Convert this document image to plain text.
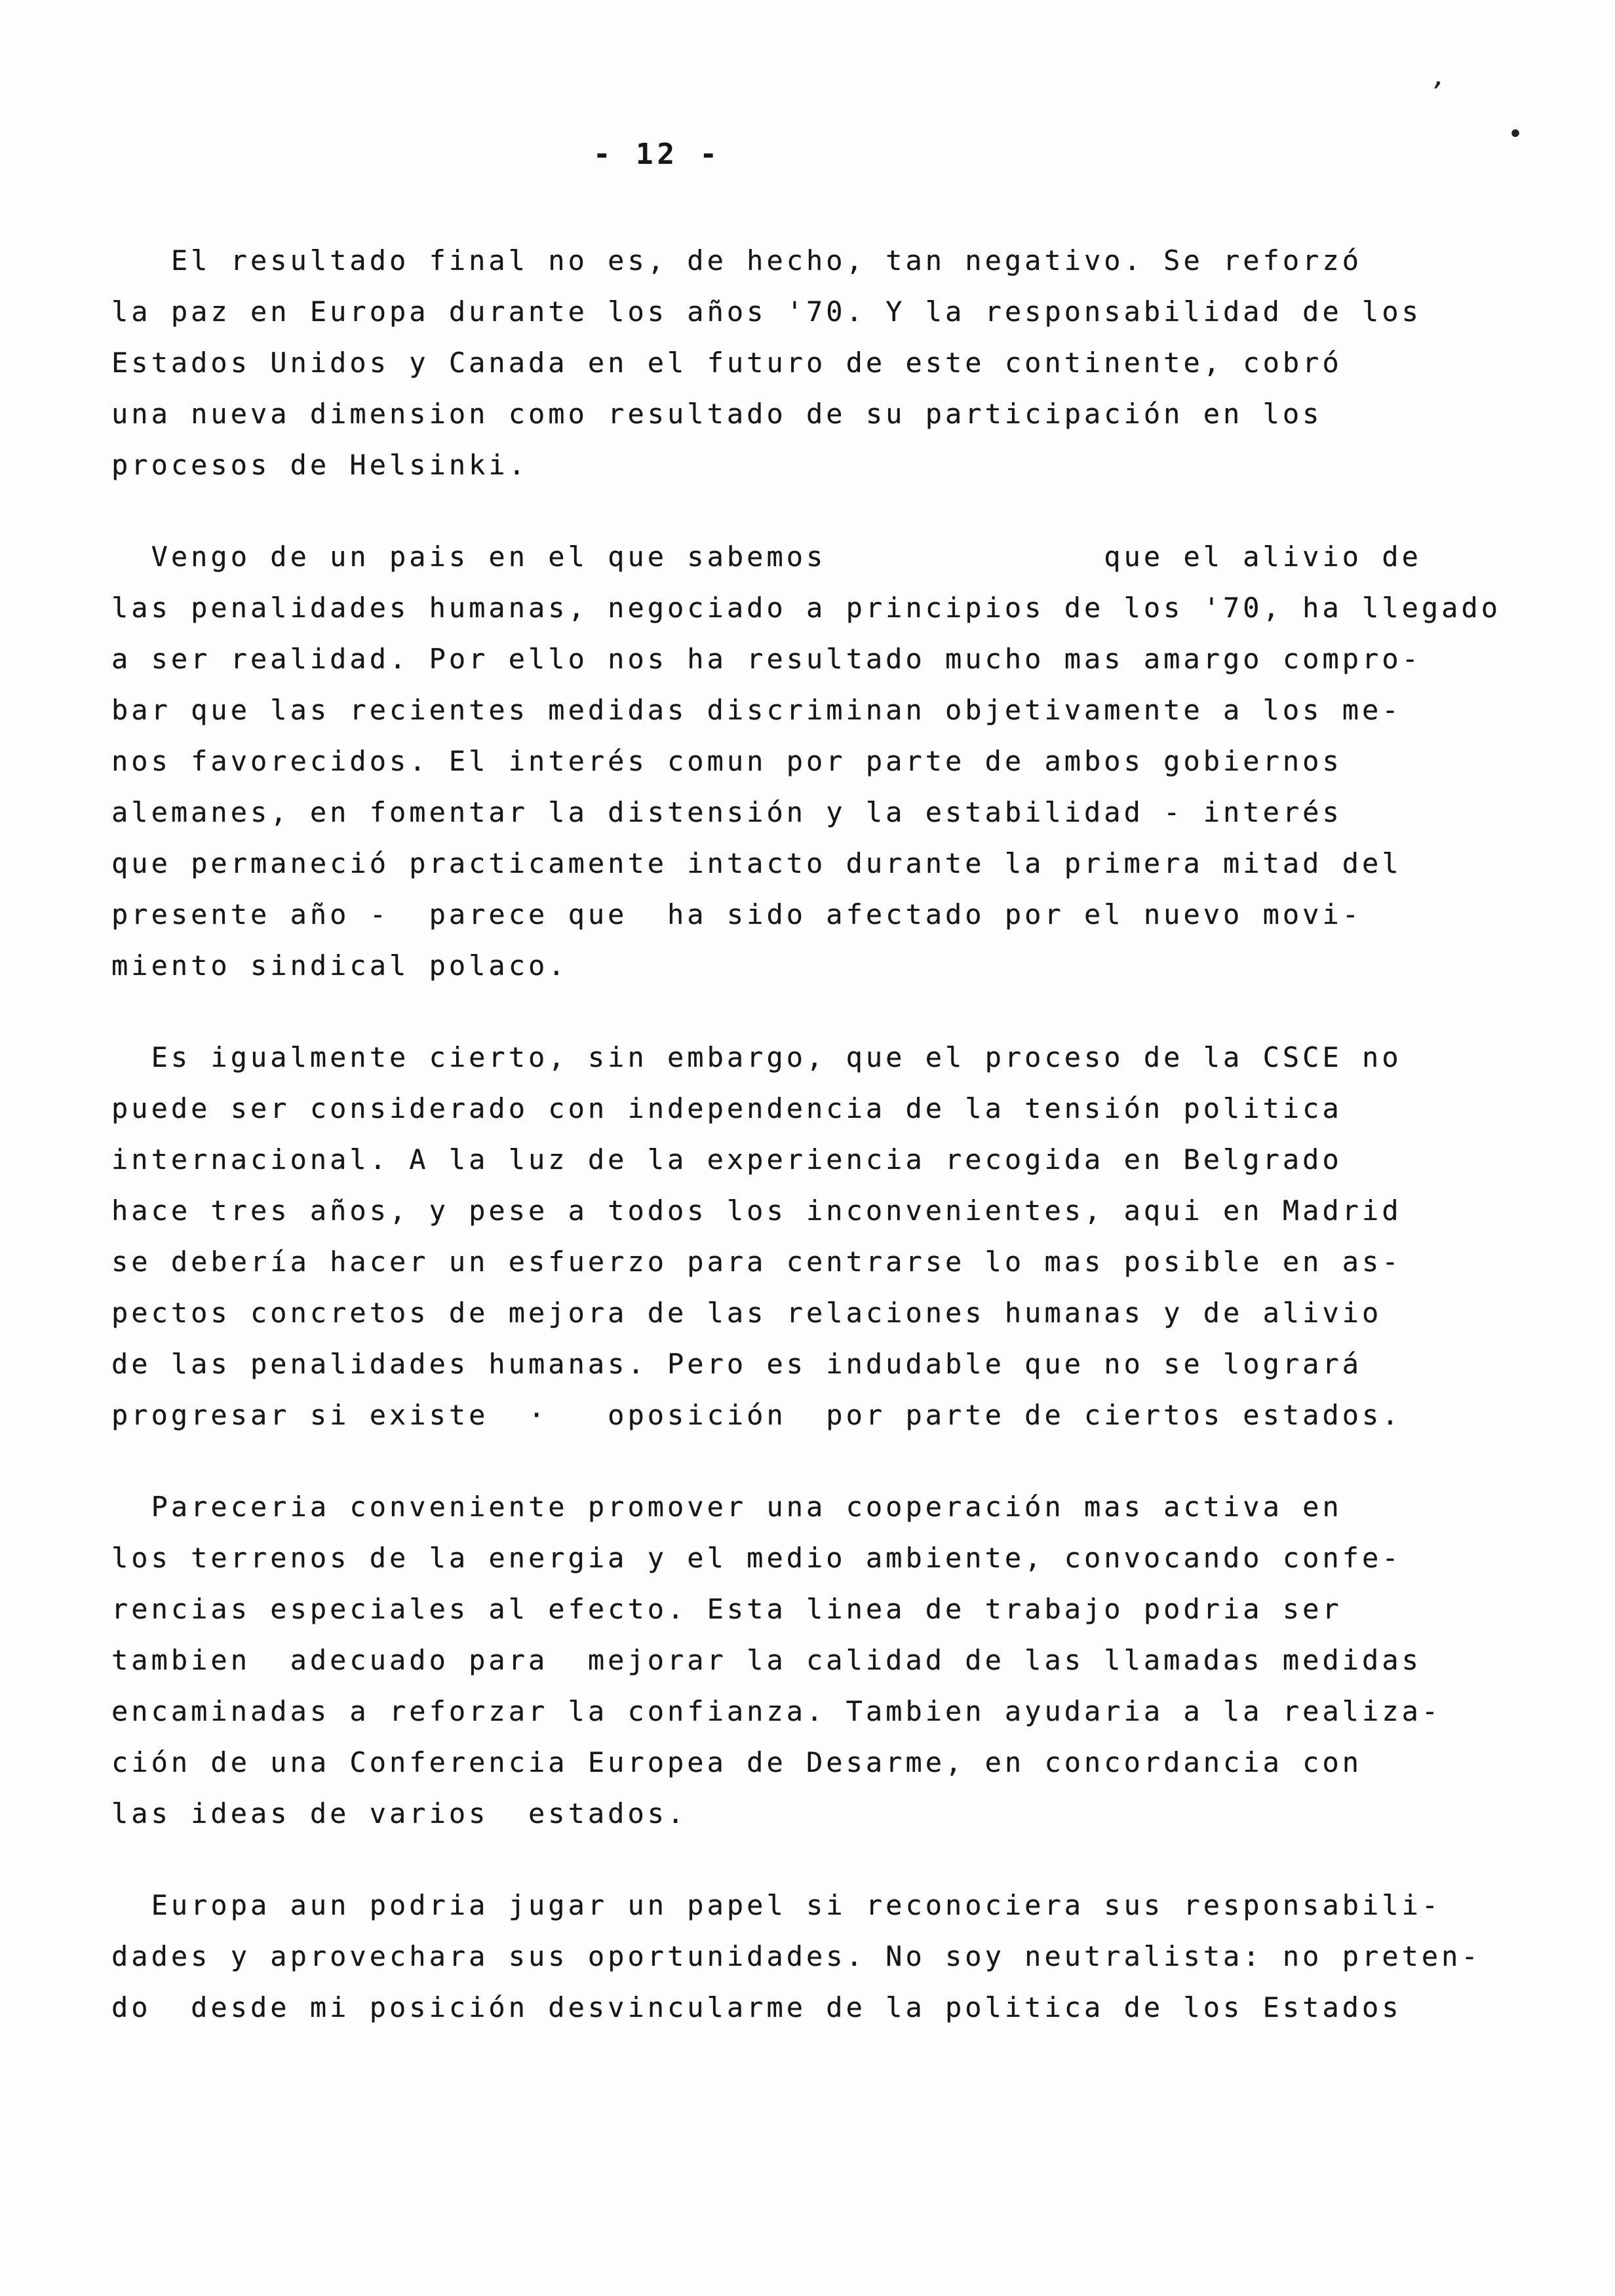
- 12 -
El resultado final no es, de hecho, tan negativo. Se reforzó
la paz en Europa durante los años '70. Y la responsabilidad de los
Estados Unidos y Canada en el futuro de este continente, cobró
una nueva dimension como resultado de su participación en los
procesos de Helsinki.
Vengo de un pais en el que sabemos              que el alivio de
las penalidades humanas, negociado a principios de los '70, ha llegado
a ser realidad. Por ello nos ha resultado mucho mas amargo compro-
bar que las recientes medidas discriminan objetivamente a los me-
nos favorecidos. El interés comun por parte de ambos gobiernos
alemanes, en fomentar la distensión y la estabilidad - interés
que permaneció practicamente intacto durante la primera mitad del
presente año -  parece que  ha sido afectado por el nuevo movi-
miento sindical polaco.
Es igualmente cierto, sin embargo, que el proceso de la CSCE no
puede ser considerado con independencia de la tensión politica
internacional. A la luz de la experiencia recogida en Belgrado
hace tres años, y pese a todos los inconvenientes, aqui en Madrid
se debería hacer un esfuerzo para centrarse lo mas posible en as-
pectos concretos de mejora de las relaciones humanas y de alivio
de las penalidades humanas. Pero es indudable que no se logrará
progresar si existe  ·   oposición  por parte de ciertos estados.
Pareceria conveniente promover una cooperación mas activa en
los terrenos de la energia y el medio ambiente, convocando confe-
rencias especiales al efecto. Esta linea de trabajo podria ser
tambien  adecuado para  mejorar la calidad de las llamadas medidas
encaminadas a reforzar la confianza. Tambien ayudaria a la realiza-
ción de una Conferencia Europea de Desarme, en concordancia con
las ideas de varios  estados.
Europa aun podria jugar un papel si reconociera sus responsabili-
dades y aprovechara sus oportunidades. No soy neutralista: no preten-
do  desde mi posición desvincularme de la politica de los Estados
’
•
